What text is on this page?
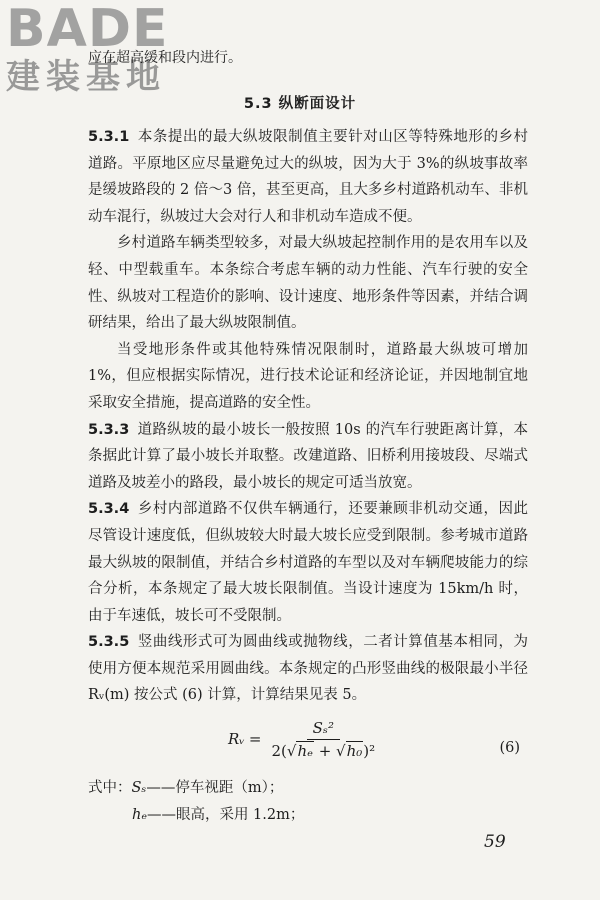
BADE
建装基地
应在超高缓和段内进行。
5.3 纵断面设计

5.3.1 本条提出的最大纵坡限制值主要针对山区等特殊地形的乡村道路。平原地区应尽量避免过大的纵坡，因为大于 3%的纵坡事故率是缓坡路段的 2 倍～3 倍，甚至更高，且大多乡村道路机动车、非机动车混行，纵坡过大会对行人和非机动车造成不便。

乡村道路车辆类型较多，对最大纵坡起控制作用的是农用车以及轻、中型载重车。本条综合考虑车辆的动力性能、汽车行驶的安全性、纵坡对工程造价的影响、设计速度、地形条件等因素，并结合调研结果，给出了最大纵坡限制值。

当受地形条件或其他特殊情况限制时，道路最大纵坡可增加1%，但应根据实际情况，进行技术论证和经济论证，并因地制宜地采取安全措施，提高道路的安全性。

5.3.3 道路纵坡的最小坡长一般按照 10s 的汽车行驶距离计算，本条据此计算了最小坡长并取整。改建道路、旧桥利用接坡段、尽端式道路及坡差小的路段，最小坡长的规定可适当放宽。

5.3.4 乡村内部道路不仅供车辆通行，还要兼顾非机动交通，因此尽管设计速度低，但纵坡较大时最大坡长应受到限制。参考城市道路最大纵坡的限制值，并结合乡村道路的车型以及对车辆爬坡能力的综合分析，本条规定了最大坡长限制值。当设计速度为 15km/h 时，由于车速低，坡长可不受限制。

5.3.5 竖曲线形式可为圆曲线或抛物线，二者计算值基本相同，为使用方便本规范采用圆曲线。本条规定的凸形竖曲线的极限最小半径 Rᵥ(m) 按公式 (6) 计算，计算结果见表 5。

Rᵥ = $\frac{\text{Sₛ²}}{\text{2(√hₑ + √h₀)²}}$	(6)
式中：Sₛ——停车视距（m）；
hₑ——眼高，采用 1.2m；
59
